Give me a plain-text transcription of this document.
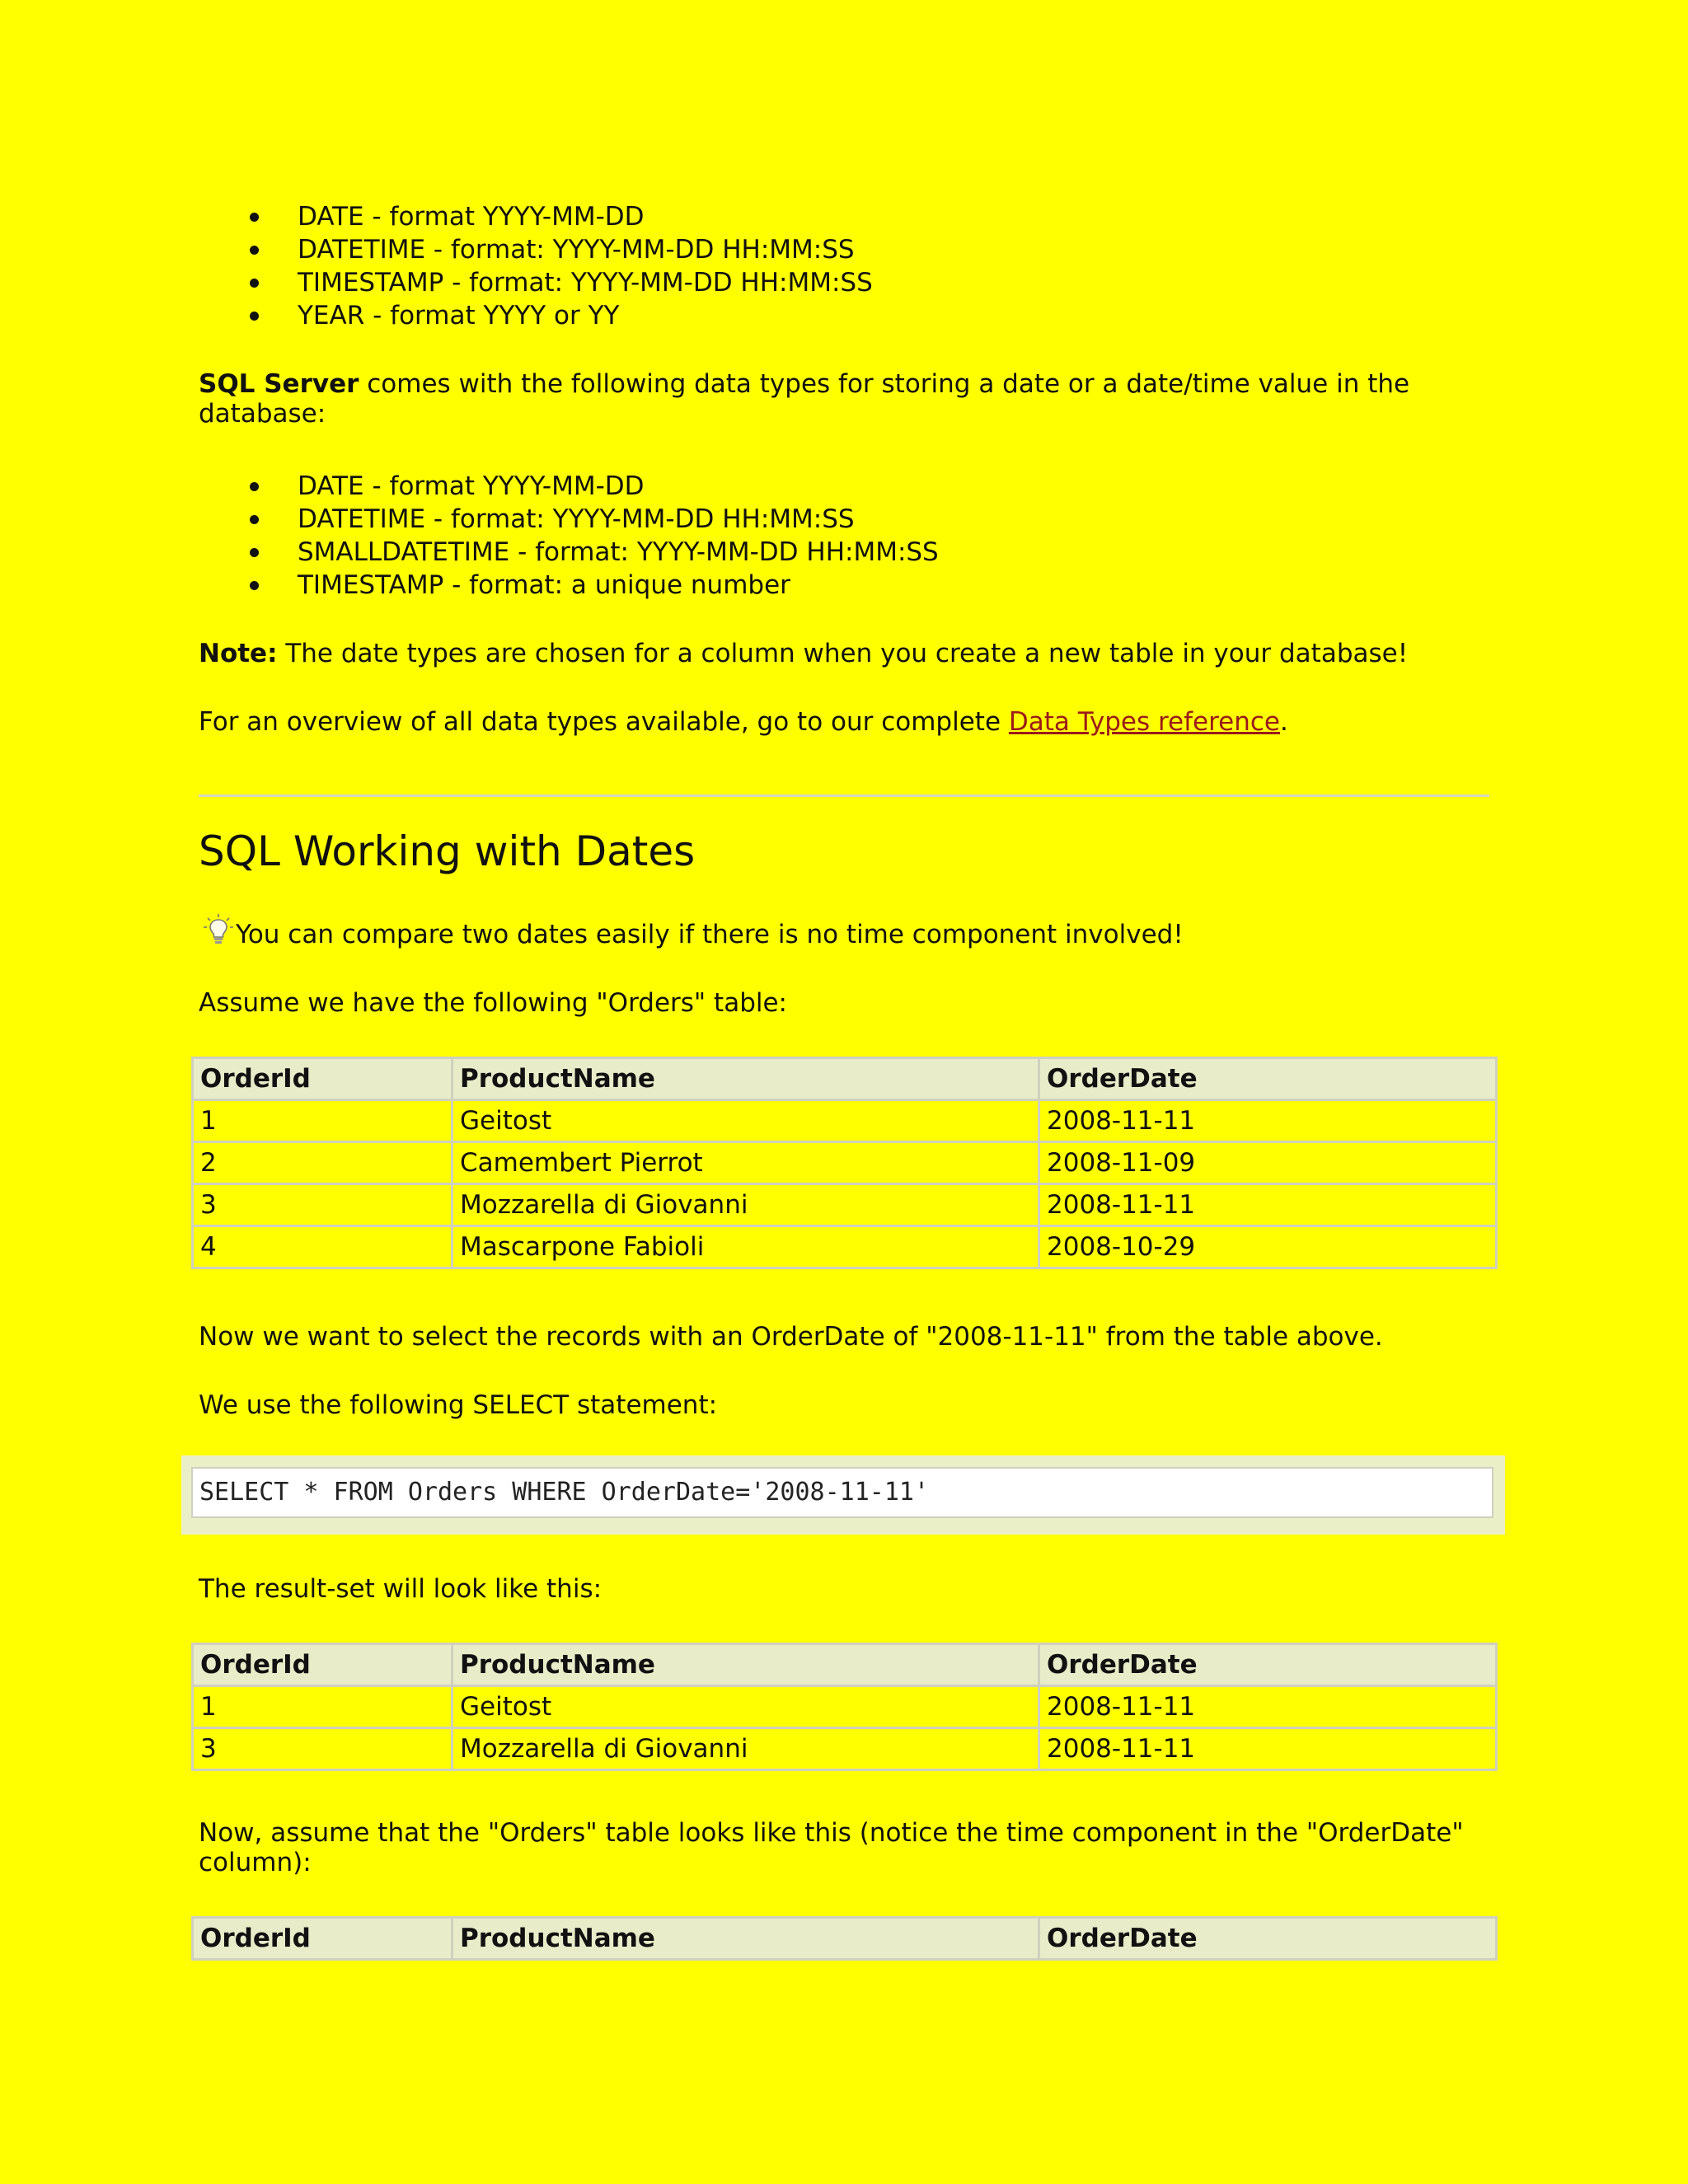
DATE - format YYYY-MM-DD
DATETIME - format: YYYY-MM-DD HH:MM:SS
TIMESTAMP - format: YYYY-MM-DD HH:MM:SS
YEAR - format YYYY or YY
SQL Server comes with the following data types for storing a date or a date/time value in the database:
DATE - format YYYY-MM-DD
DATETIME - format: YYYY-MM-DD HH:MM:SS
SMALLDATETIME - format: YYYY-MM-DD HH:MM:SS
TIMESTAMP - format: a unique number
Note: The date types are chosen for a column when you create a new table in your database!
For an overview of all data types available, go to our complete Data Types reference.
SQL Working with Dates
You can compare two dates easily if there is no time component involved!
Assume we have the following "Orders" table:
OrderId	ProductName	OrderDate
1	Geitost	2008-11-11
2	Camembert Pierrot	2008-11-09
3	Mozzarella di Giovanni	2008-11-11
4	Mascarpone Fabioli	2008-10-29
Now we want to select the records with an OrderDate of "2008-11-11" from the table above.
We use the following SELECT statement:
SELECT * FROM Orders WHERE OrderDate='2008-11-11'
The result-set will look like this:
OrderId	ProductName	OrderDate
1	Geitost	2008-11-11
3	Mozzarella di Giovanni	2008-11-11
Now, assume that the "Orders" table looks like this (notice the time component in the "OrderDate" column):
OrderId	ProductName	OrderDate
